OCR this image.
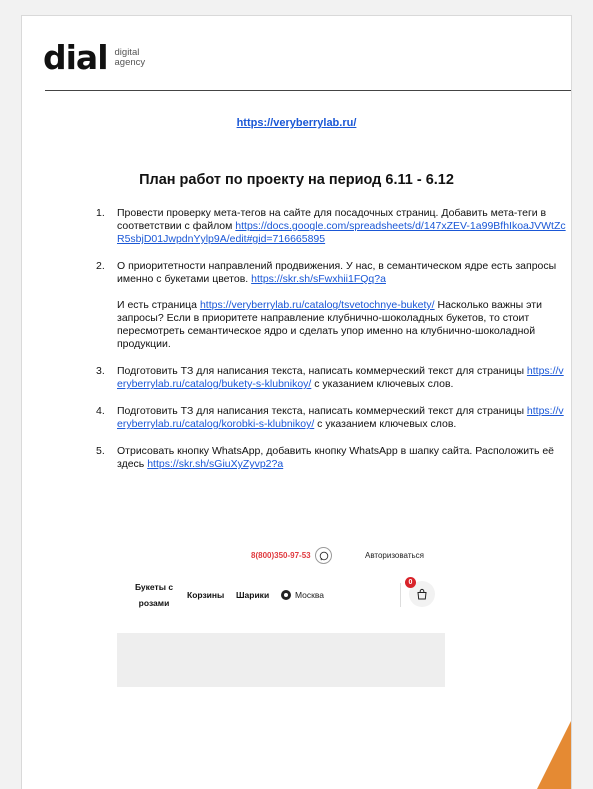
dial digital
agency
https://veryberrylab.ru/
План работ по проекту на период 6.11 - 6.12
1. Провести проверку мета-тегов на сайте для посадочных страниц. Добавить мета-теги в соответствии с файлом https://docs.google.com/spreadsheets/d/147xZEV-1a99BfhIkoaJVWtZcR5sbjD01JwpdnYylp9A/edit#gid=716665895
2. О приоритетности направлений продвижения. У нас, в семантическом ядре есть запросы именно с букетами цветов. https://skr.sh/sFwxhii1FQq?a
И есть страница https://veryberrylab.ru/catalog/tsvetochnye-bukety/ Насколько важны эти запросы? Если в приоритете направление клубнично-шоколадных букетов, то стоит пересмотреть семантическое ядро и сделать упор именно на клубнично-шоколадной продукции.
3. Подготовить ТЗ для написания текста, написать коммерческий текст для страницы https://veryberrylab.ru/catalog/bukety-s-klubnikoy/ с указанием ключевых слов.
4. Подготовить ТЗ для написания текста, написать коммерческий текст для страницы https://veryberrylab.ru/catalog/korobki-s-klubnikoy/ с указанием ключевых слов.
5. Отрисовать кнопку WhatsApp, добавить кнопку WhatsApp в шапку сайта. Расположить её здесь https://skr.sh/sGiuXyZyvp2?a
8(800)350-97-53	Авторизоваться
Букеты с розами
Корзины Шарики	Москва
0
